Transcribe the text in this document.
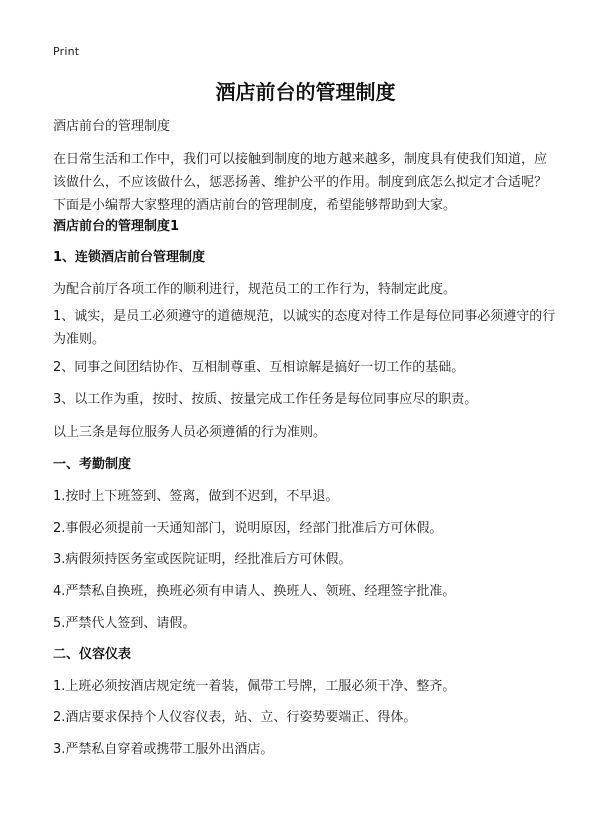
Print
酒店前台的管理制度

酒店前台的管理制度

在日常生活和工作中，我们可以接触到制度的地方越来越多，制度具有使我们知道，应该做什么，不应该做什么，惩恶扬善、维护公平的作用。制度到底怎么拟定才合适呢？下面是小编帮大家整理的酒店前台的管理制度，希望能够帮助到大家。

酒店前台的管理制度1
1、连锁酒店前台管理制度

为配合前厅各项工作的顺利进行，规范员工的工作行为，特制定此度。

1、诚实，是员工必须遵守的道德规范，以诚实的态度对待工作是每位同事必须遵守的行为准则。

2、同事之间团结协作、互相制尊重、互相谅解是搞好一切工作的基础。

3、以工作为重，按时、按质、按量完成工作任务是每位同事应尽的职责。

以上三条是每位服务人员必须遵循的行为准则。

一、考勤制度

1.按时上下班签到、签离，做到不迟到，不早退。

2.事假必须提前一天通知部门，说明原因，经部门批准后方可休假。

3.病假须持医务室或医院证明，经批准后方可休假。

4.严禁私自换班，换班必须有申请人、换班人、领班、经理签字批准。

5.严禁代人签到、请假。

二、仪容仪表

1.上班必须按酒店规定统一着装，佩带工号牌，工服必须干净、整齐。

2.酒店要求保持个人仪容仪表，站、立、行姿势要端正、得体。

3.严禁私自穿着或携带工服外出酒店。
